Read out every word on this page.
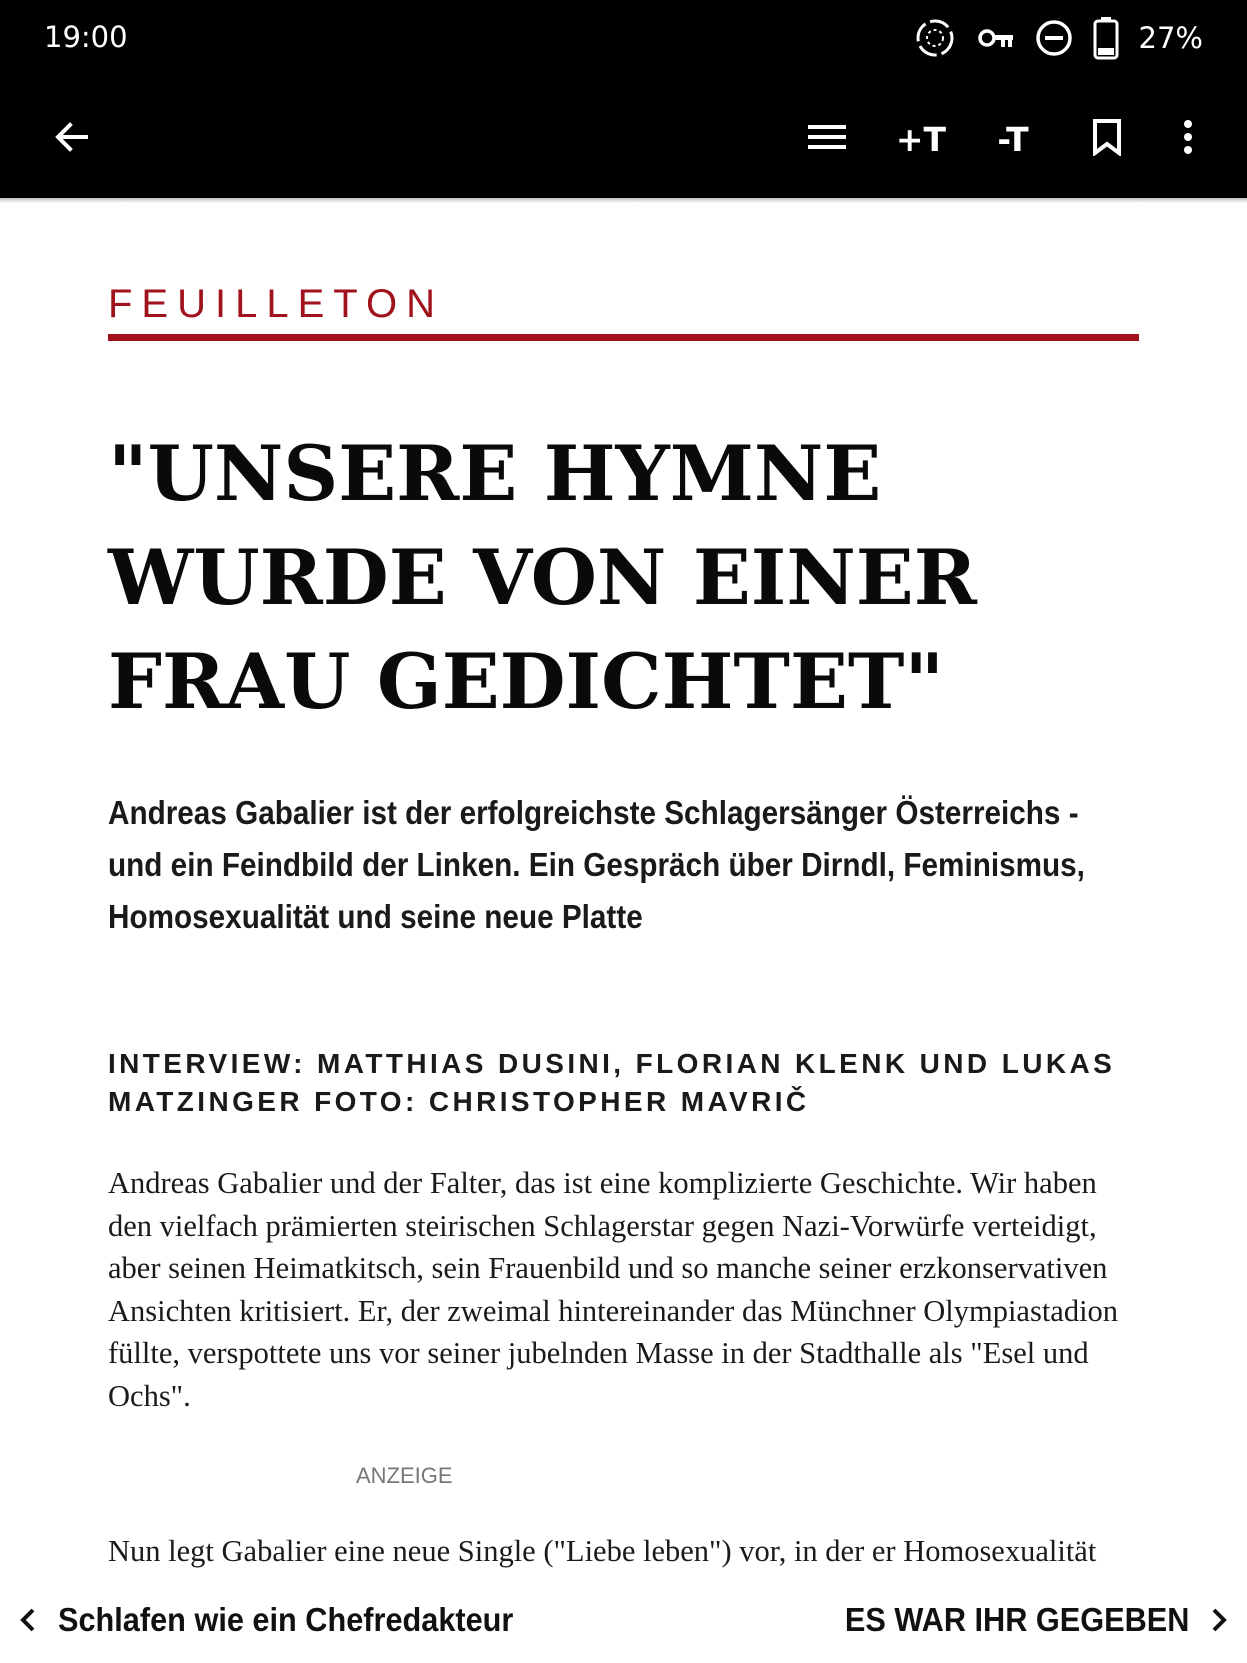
19:00	27%
+T -T
FEUILLETON
"UNSERE HYMNE WURDE VON EINER FRAU GEDICHTET"

Andreas Gabalier ist der erfolgreichste Schlagersänger Österreichs - und ein Feindbild der Linken. Ein Gespräch über Dirndl, Feminismus, Homosexualität und seine neue Platte

INTERVIEW: MATTHIAS DUSINI, FLORIAN KLENK UND LUKAS MATZINGER FOTO: CHRISTOPHER MAVRIČ

Andreas Gabalier und der Falter, das ist eine komplizierte Geschichte. Wir haben den vielfach prämierten steirischen Schlagerstar gegen Nazi-Vorwürfe verteidigt, aber seinen Heimatkitsch, sein Frauenbild und so manche seiner erzkonservativen Ansichten kritisiert. Er, der zweimal hintereinander das Münchner Olympiastadion füllte, verspottete uns vor seiner jubelnden Masse in der Stadthalle als "Esel und Ochs".

ANZEIGE

Nun legt Gabalier eine neue Single ("Liebe leben") vor, in der er Homosexualität

Schlafen wie ein Chefredakteur	ES WAR IHR GEGEBEN
